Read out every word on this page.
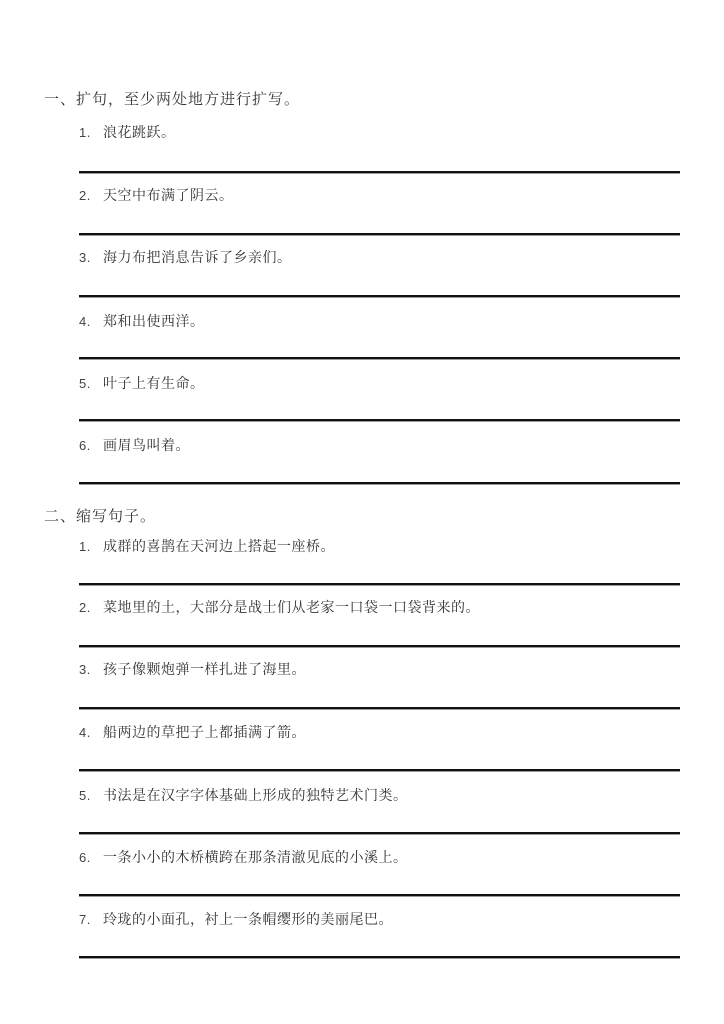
一、扩句，至少两处地方进行扩写。
1. 浪花跳跃。
2. 天空中布满了阴云。
3. 海力布把消息告诉了乡亲们。
4. 郑和出使西洋。
5. 叶子上有生命。
6. 画眉鸟叫着。
二、缩写句子。
1. 成群的喜鹊在天河边上搭起一座桥。
2. 菜地里的土，大部分是战士们从老家一口袋一口袋背来的。
3. 孩子像颗炮弹一样扎进了海里。
4. 船两边的草把子上都插满了箭。
5. 书法是在汉字字体基础上形成的独特艺术门类。
6. 一条小小的木桥横跨在那条清澈见底的小溪上。
7. 玲珑的小面孔，衬上一条帽缨形的美丽尾巴。
